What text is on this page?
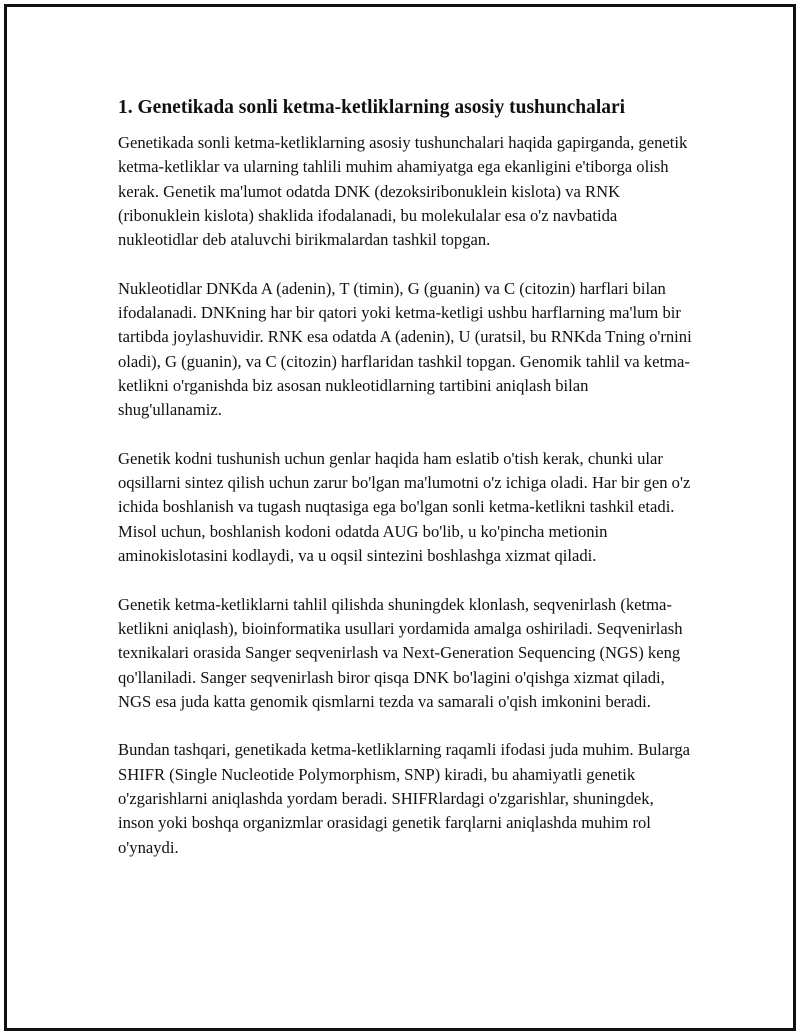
1. Genetikada sonli ketma-ketliklarning asosiy tushunchalari

Genetikada sonli ketma-ketliklarning asosiy tushunchalari haqida gapirganda, genetik ketma-ketliklar va ularning tahlili muhim ahamiyatga ega ekanligini e'tiborga olish kerak. Genetik ma'lumot odatda DNK (dezoksiribonuklein kislota) va RNK (ribonuklein kislota) shaklida ifodalanadi, bu molekulalar esa o'z navbatida nukleotidlar deb ataluvchi birikmalardan tashkil topgan.

Nukleotidlar DNKda A (adenin), T (timin), G (guanin) va C (citozin) harflari bilan ifodalanadi. DNKning har bir qatori yoki ketma-ketligi ushbu harflarning ma'lum bir tartibda joylashuvidir. RNK esa odatda A (adenin), U (uratsil, bu RNKda Tning o'rnini oladi), G (guanin), va C (citozin) harflaridan tashkil topgan. Genomik tahlil va ketma-ketlikni o'rganishda biz asosan nukleotidlarning tartibini aniqlash bilan shug'ullanamiz.

Genetik kodni tushunish uchun genlar haqida ham eslatib o'tish kerak, chunki ular oqsillarni sintez qilish uchun zarur bo'lgan ma'lumotni o'z ichiga oladi. Har bir gen o'z ichida boshlanish va tugash nuqtasiga ega bo'lgan sonli ketma-ketlikni tashkil etadi. Misol uchun, boshlanish kodoni odatda AUG bo'lib, u ko'pincha metionin aminokislotasini kodlaydi, va u oqsil sintezini boshlashga xizmat qiladi.

Genetik ketma-ketliklarni tahlil qilishda shuningdek klonlash, seqvenirlash (ketma-ketlikni aniqlash), bioinformatika usullari yordamida amalga oshiriladi. Seqvenirlash texnikalari orasida Sanger seqvenirlash va Next-Generation Sequencing (NGS) keng qo'llaniladi. Sanger seqvenirlash biror qisqa DNK bo'lagini o'qishga xizmat qiladi, NGS esa juda katta genomik qismlarni tezda va samarali o'qish imkonini beradi.

Bundan tashqari, genetikada ketma-ketliklarning raqamli ifodasi juda muhim. Bularga SHIFR (Single Nucleotide Polymorphism, SNP) kiradi, bu ahamiyatli genetik o'zgarishlarni aniqlashda yordam beradi. SHIFRlardagi o'zgarishlar, shuningdek, inson yoki boshqa organizmlar orasidagi genetik farqlarni aniqlashda muhim rol o'ynaydi.
